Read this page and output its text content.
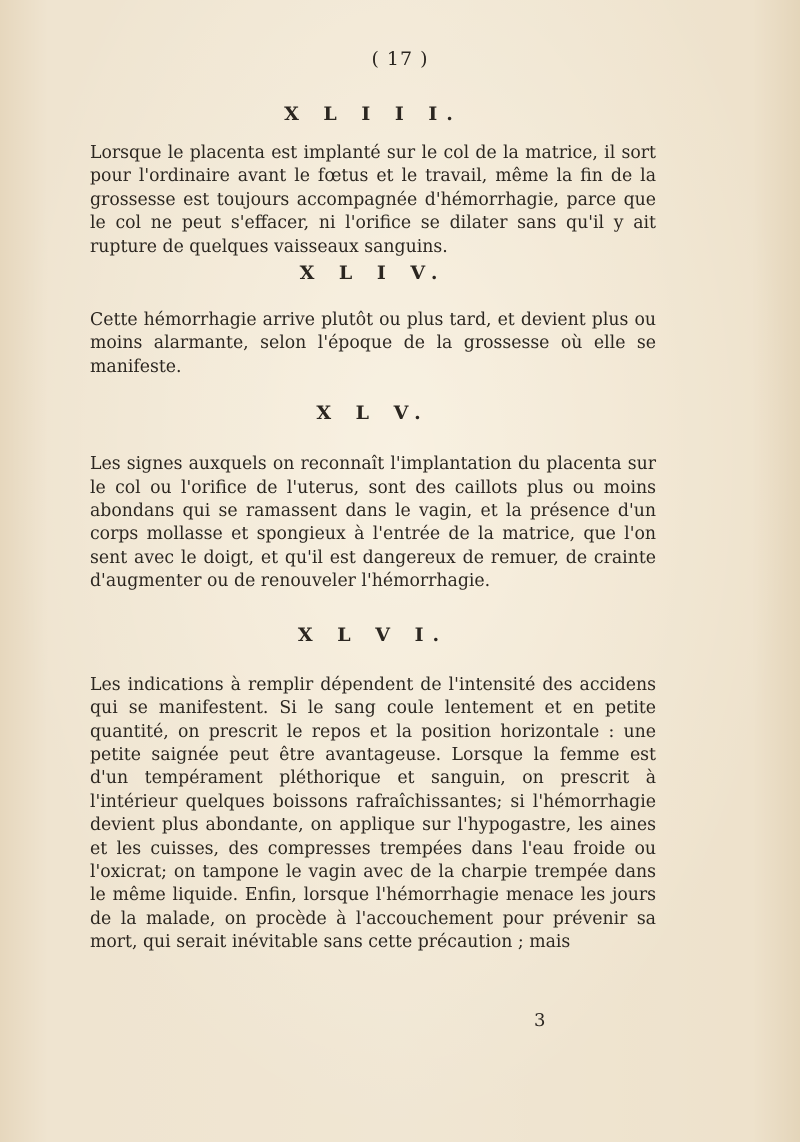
( 17 )
X L I I I.

Lorsque le placenta est implanté sur le col de la matrice, il sort pour l'ordinaire avant le fœtus et le travail, même la fin de la grossesse est toujours accompagnée d'hémorrhagie, parce que le col ne peut s'effacer, ni l'orifice se dilater sans qu'il y ait rupture de quelques vaisseaux sanguins.

X L I V.

Cette hémorrhagie arrive plutôt ou plus tard, et devient plus ou moins alarmante, selon l'époque de la grossesse où elle se manifeste.

X L V.

Les signes auxquels on reconnaît l'implantation du placenta sur le col ou l'orifice de l'uterus, sont des caillots plus ou moins abondans qui se ramassent dans le vagin, et la présence d'un corps mollasse et spongieux à l'entrée de la matrice, que l'on sent avec le doigt, et qu'il est dangereux de remuer, de crainte d'augmenter ou de renouveler l'hémorrhagie.

X L V I.

Les indications à remplir dépendent de l'intensité des accidens qui se manifestent. Si le sang coule lentement et en petite quantité, on prescrit le repos et la position horizontale : une petite saignée peut être avantageuse. Lorsque la femme est d'un tempérament pléthorique et sanguin, on prescrit à l'intérieur quelques boissons rafraîchissantes; si l'hémorrhagie devient plus abondante, on applique sur l'hypogastre, les aines et les cuisses, des compresses trempées dans l'eau froide ou l'oxicrat; on tampone le vagin avec de la charpie trempée dans le même liquide. Enfin, lorsque l'hémorrhagie menace les jours de la malade, on procède à l'accouchement pour prévenir sa mort, qui serait inévitable sans cette précaution ; mais

3
